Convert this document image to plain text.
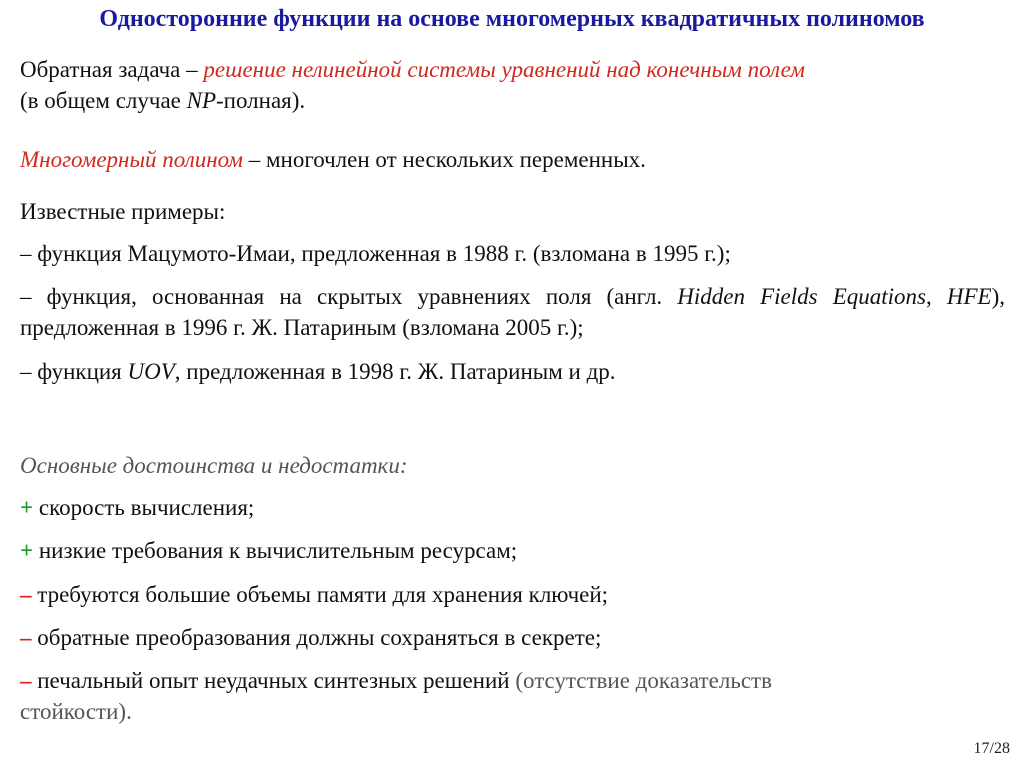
Односторонние функции на основе многомерных квадратичных полиномов
Обратная задача – решение нелинейной системы уравнений над конечным полем
(в общем случае NP-полная).
Многомерный полином – многочлен от нескольких переменных.
Известные примеры:
– функция Мацумото-Имаи, предложенная в 1988 г. (взломана в 1995 г.);
– функция, основанная на скрытых уравнениях поля (англ. Hidden Fields Equations, HFE), предложенная в 1996 г. Ж. Патариным (взломана 2005 г.);
– функция UOV, предложенная в 1998 г. Ж. Патариным и др.
Основные достоинства и недостатки:
+ скорость вычисления;
+ низкие требования к вычислительным ресурсам;
– требуются большие объемы памяти для хранения ключей;
– обратные преобразования должны сохраняться в секрете;
– печальный опыт неудачных синтезных решений (отсутствие доказательств
стойкости).
17/28
